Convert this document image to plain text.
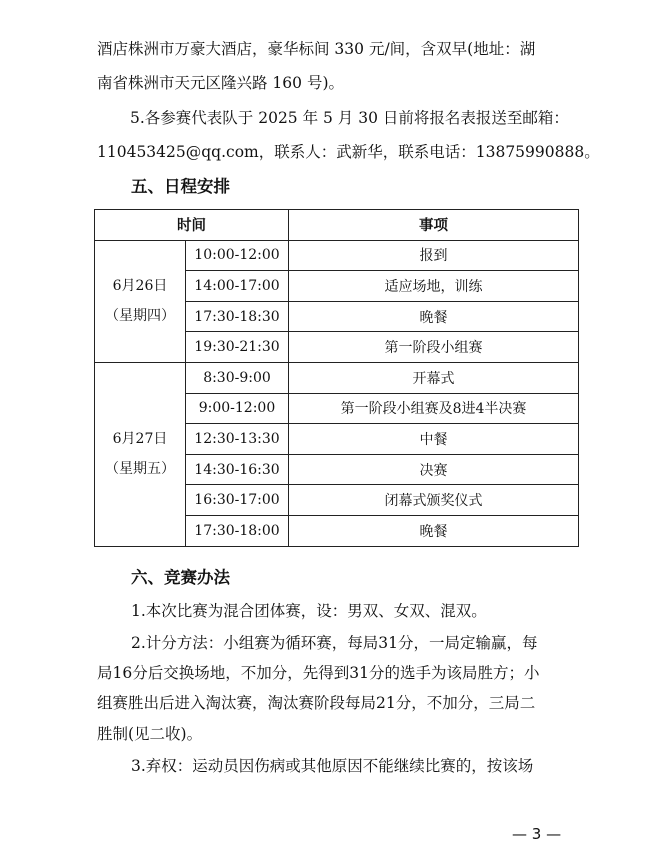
酒店株洲市万豪大酒店，豪华标间 330 元/间，含双早(地址：湖
南省株洲市天元区隆兴路 160 号)。
5.各参赛代表队于 2025 年 5 月 30 日前将报名表报送至邮箱：
110453425@qq.com，联系人：武新华，联系电话：13875990888。
五、日程安排
时间		事项

6月26日
（星期四）	10:00-12:00	报到
	14:00-17:00	适应场地，训练
	17:30-18:30	晚餐
	19:30-21:30	第一阶段小组赛

6月27日
（星期五）	8:30-9:00	开幕式
	9:00-12:00	第一阶段小组赛及8进4半决赛
	12:30-13:30	中餐
	14:30-16:30	决赛
	16:30-17:00	闭幕式颁奖仪式
	17:30-18:00	晚餐
六、竞赛办法
1.本次比赛为混合团体赛，设：男双、女双、混双。
2.计分方法：小组赛为循环赛，每局31分，一局定输赢，每
局16分后交换场地，不加分，先得到31分的选手为该局胜方；小
组赛胜出后进入淘汰赛，淘汰赛阶段每局21分，不加分，三局二
胜制(见二收)。
3.弃权：运动员因伤病或其他原因不能继续比赛的，按该场
— 3 —
